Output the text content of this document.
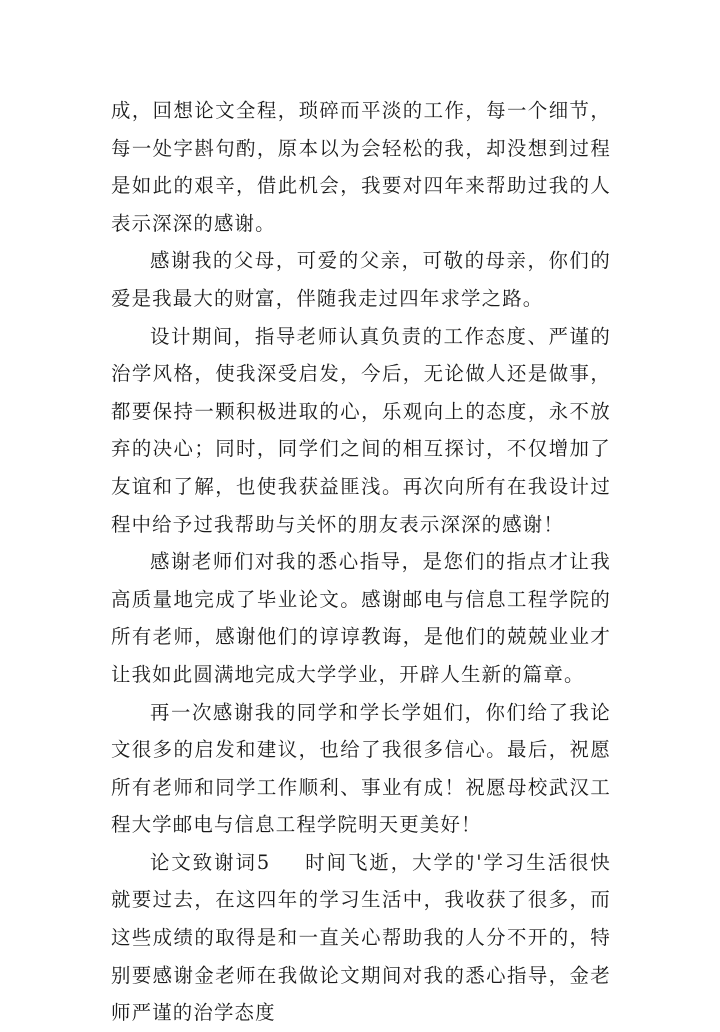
成，回想论文全程，琐碎而平淡的工作，每一个细节，每一处字斟句酌，原本以为会轻松的我，却没想到过程是如此的艰辛，借此机会，我要对四年来帮助过我的人表示深深的感谢。

感谢我的父母，可爱的父亲，可敬的母亲，你们的爱是我最大的财富，伴随我走过四年求学之路。

设计期间，指导老师认真负责的工作态度、严谨的治学风格，使我深受启发，今后，无论做人还是做事，都要保持一颗积极进取的心，乐观向上的态度，永不放弃的决心；同时，同学们之间的相互探讨，不仅增加了友谊和了解，也使我获益匪浅。再次向所有在我设计过程中给予过我帮助与关怀的朋友表示深深的感谢！

感谢老师们对我的悉心指导，是您们的指点才让我高质量地完成了毕业论文。感谢邮电与信息工程学院的所有老师，感谢他们的谆谆教诲，是他们的兢兢业业才让我如此圆满地完成大学学业，开辟人生新的篇章。

再一次感谢我的同学和学长学姐们，你们给了我论文很多的启发和建议，也给了我很多信心。最后，祝愿所有老师和同学工作顺利、事业有成！祝愿母校武汉工程大学邮电与信息工程学院明天更美好！

论文致谢词5 时间飞逝，大学的'学习生活很快就要过去，在这四年的学习生活中，我收获了很多，而这些成绩的取得是和一直关心帮助我的人分不开的，特别要感谢金老师在我做论文期间对我的悉心指导，金老师严谨的治学态度
